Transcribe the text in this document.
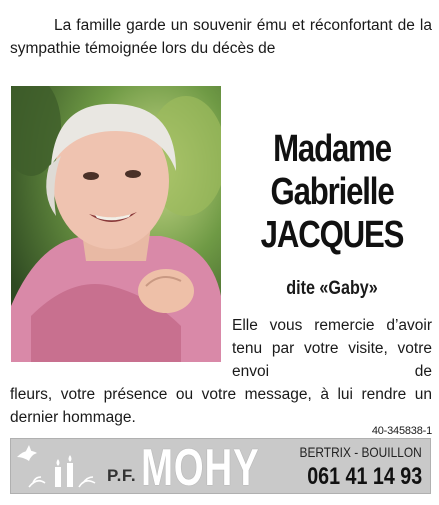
La famille garde un souvenir ému et réconfortant de la sympathie témoignée lors du décès de
Madame
Gabrielle
JACQUES
dite «Gaby»
Elle vous remercie d’avoir tenu par votre visite, votre envoi de
fleurs, votre présence ou votre message, à lui rendre un dernier hommage.
40-345838-1
P.F. MOHY	BERTRIX - BOUILLON
061 41 14 93
